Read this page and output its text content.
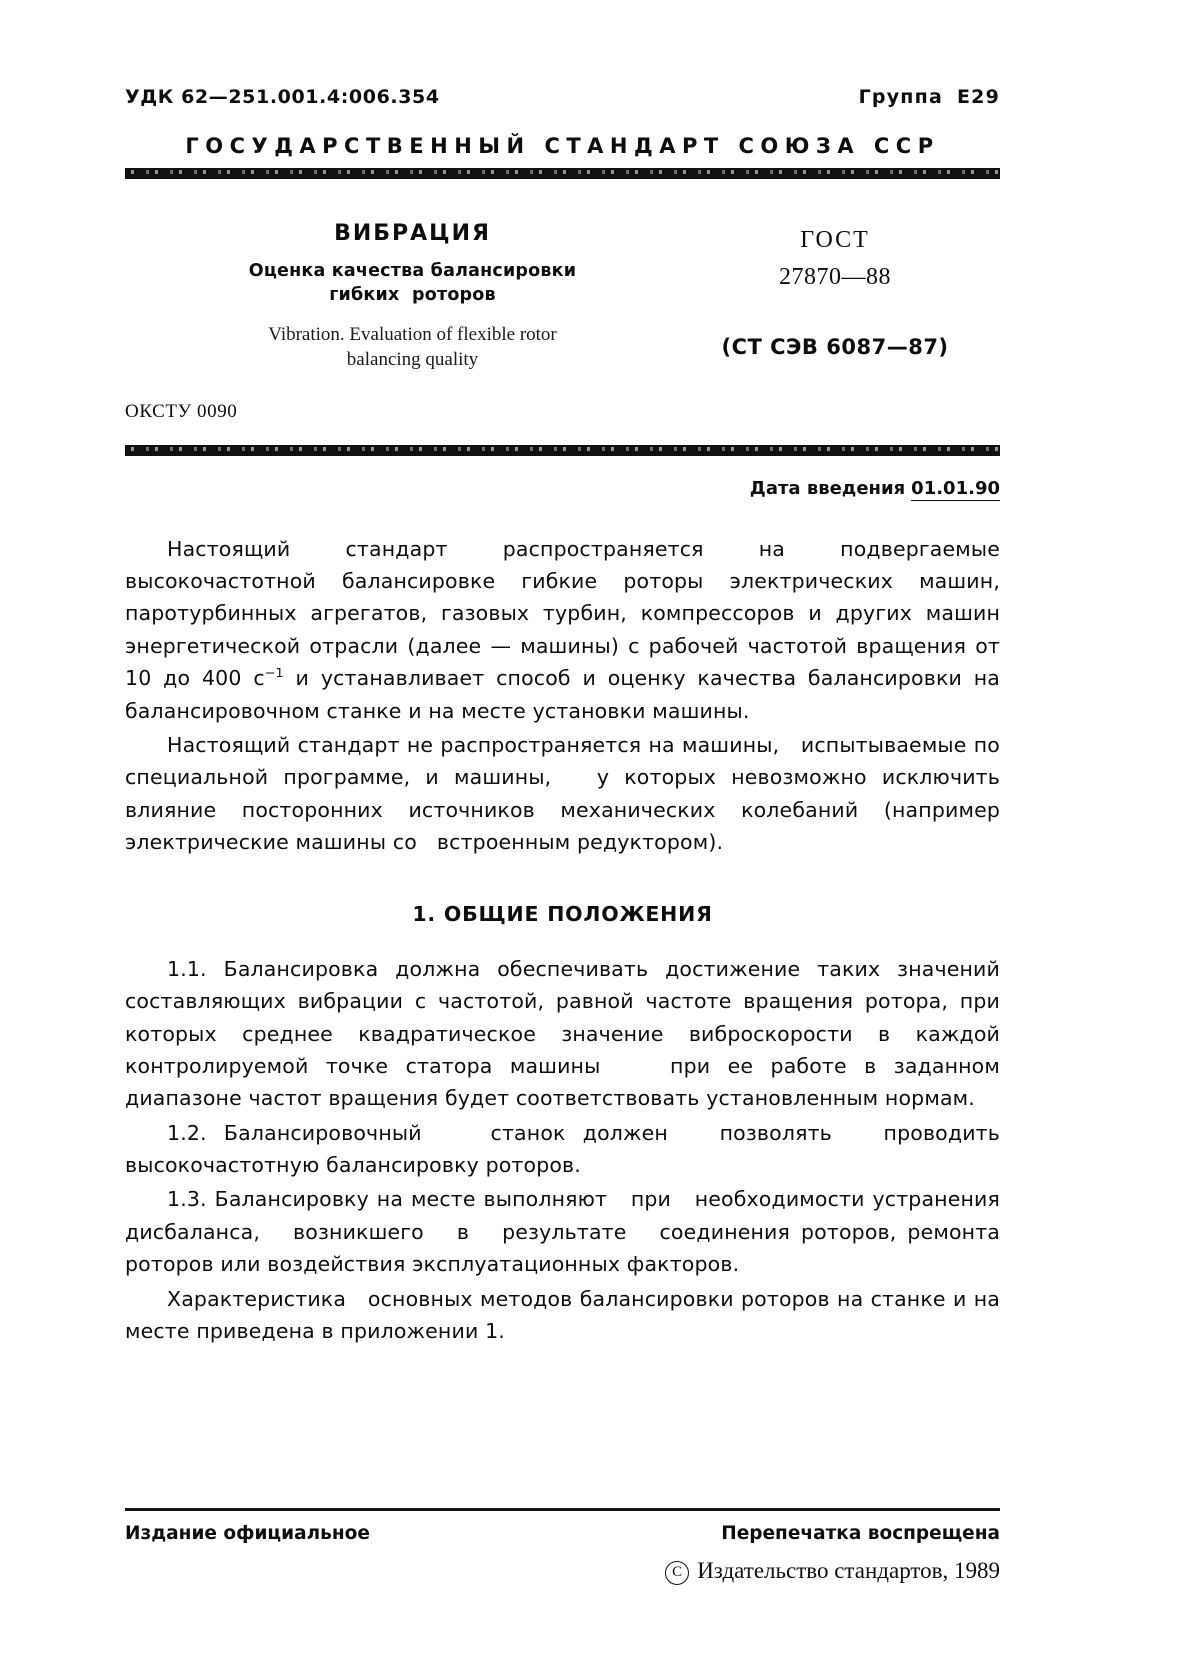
УДК 62—251.001.4:006.354	Группа Е29
ГОСУДАРСТВЕННЫЙ СТАНДАРТ СОЮЗА ССР
ВИБРАЦИЯ
Оценка качества балансировки
гибких  роторов
Vibration. Evaluation of flexible rotor
balancing quality
ГОСТ
27870—88
(СТ СЭВ 6087—87)
ОКСТУ 0090
Дата введения 01.01.90

Настоящий   стандарт   распространяется   на   подвергаемые высокочастотной балансировке гибкие роторы электрических машин, паротурбинных агрегатов, газовых турбин, компрессоров и других машин энергетической отрасли (далее — машины) с рабочей частотой вращения от 10 до 400 $с^{-1}$ и устанавливает способ и оценку качества балансировки на балансировочном станке и на месте установки машины.

Настоящий стандарт не распространяется на машины,   испытываемые по специальной программе, и машины,   у которых невозможно исключить влияние посторонних источников механических колебаний (например электрические машины со   встроенным редуктором).

1. ОБЩИЕ ПОЛОЖЕНИЯ

1.1. Балансировка должна обеспечивать достижение таких значений составляющих вибрации с частотой, равной частоте вращения ротора, при которых среднее квадратическое значение виброскорости в каждой контролируемой точке статора машины    при ее работе в заданном диапазоне частот вращения будет соответствовать установленным нормам.

1.2. Балансировочный    станок должен   позволять   проводить высокочастотную балансировку роторов.

1.3. Балансировку на месте выполняют   при   необходимости устранения дисбаланса,   возникшего   в   результате   соединения роторов, ремонта роторов или воздействия эксплуатационных факторов.

Характеристика   основных методов балансировки роторов на станке и на месте приведена в приложении 1.

Издание официальное	Перепечатка воспрещена
C Издательство стандартов, 1989
